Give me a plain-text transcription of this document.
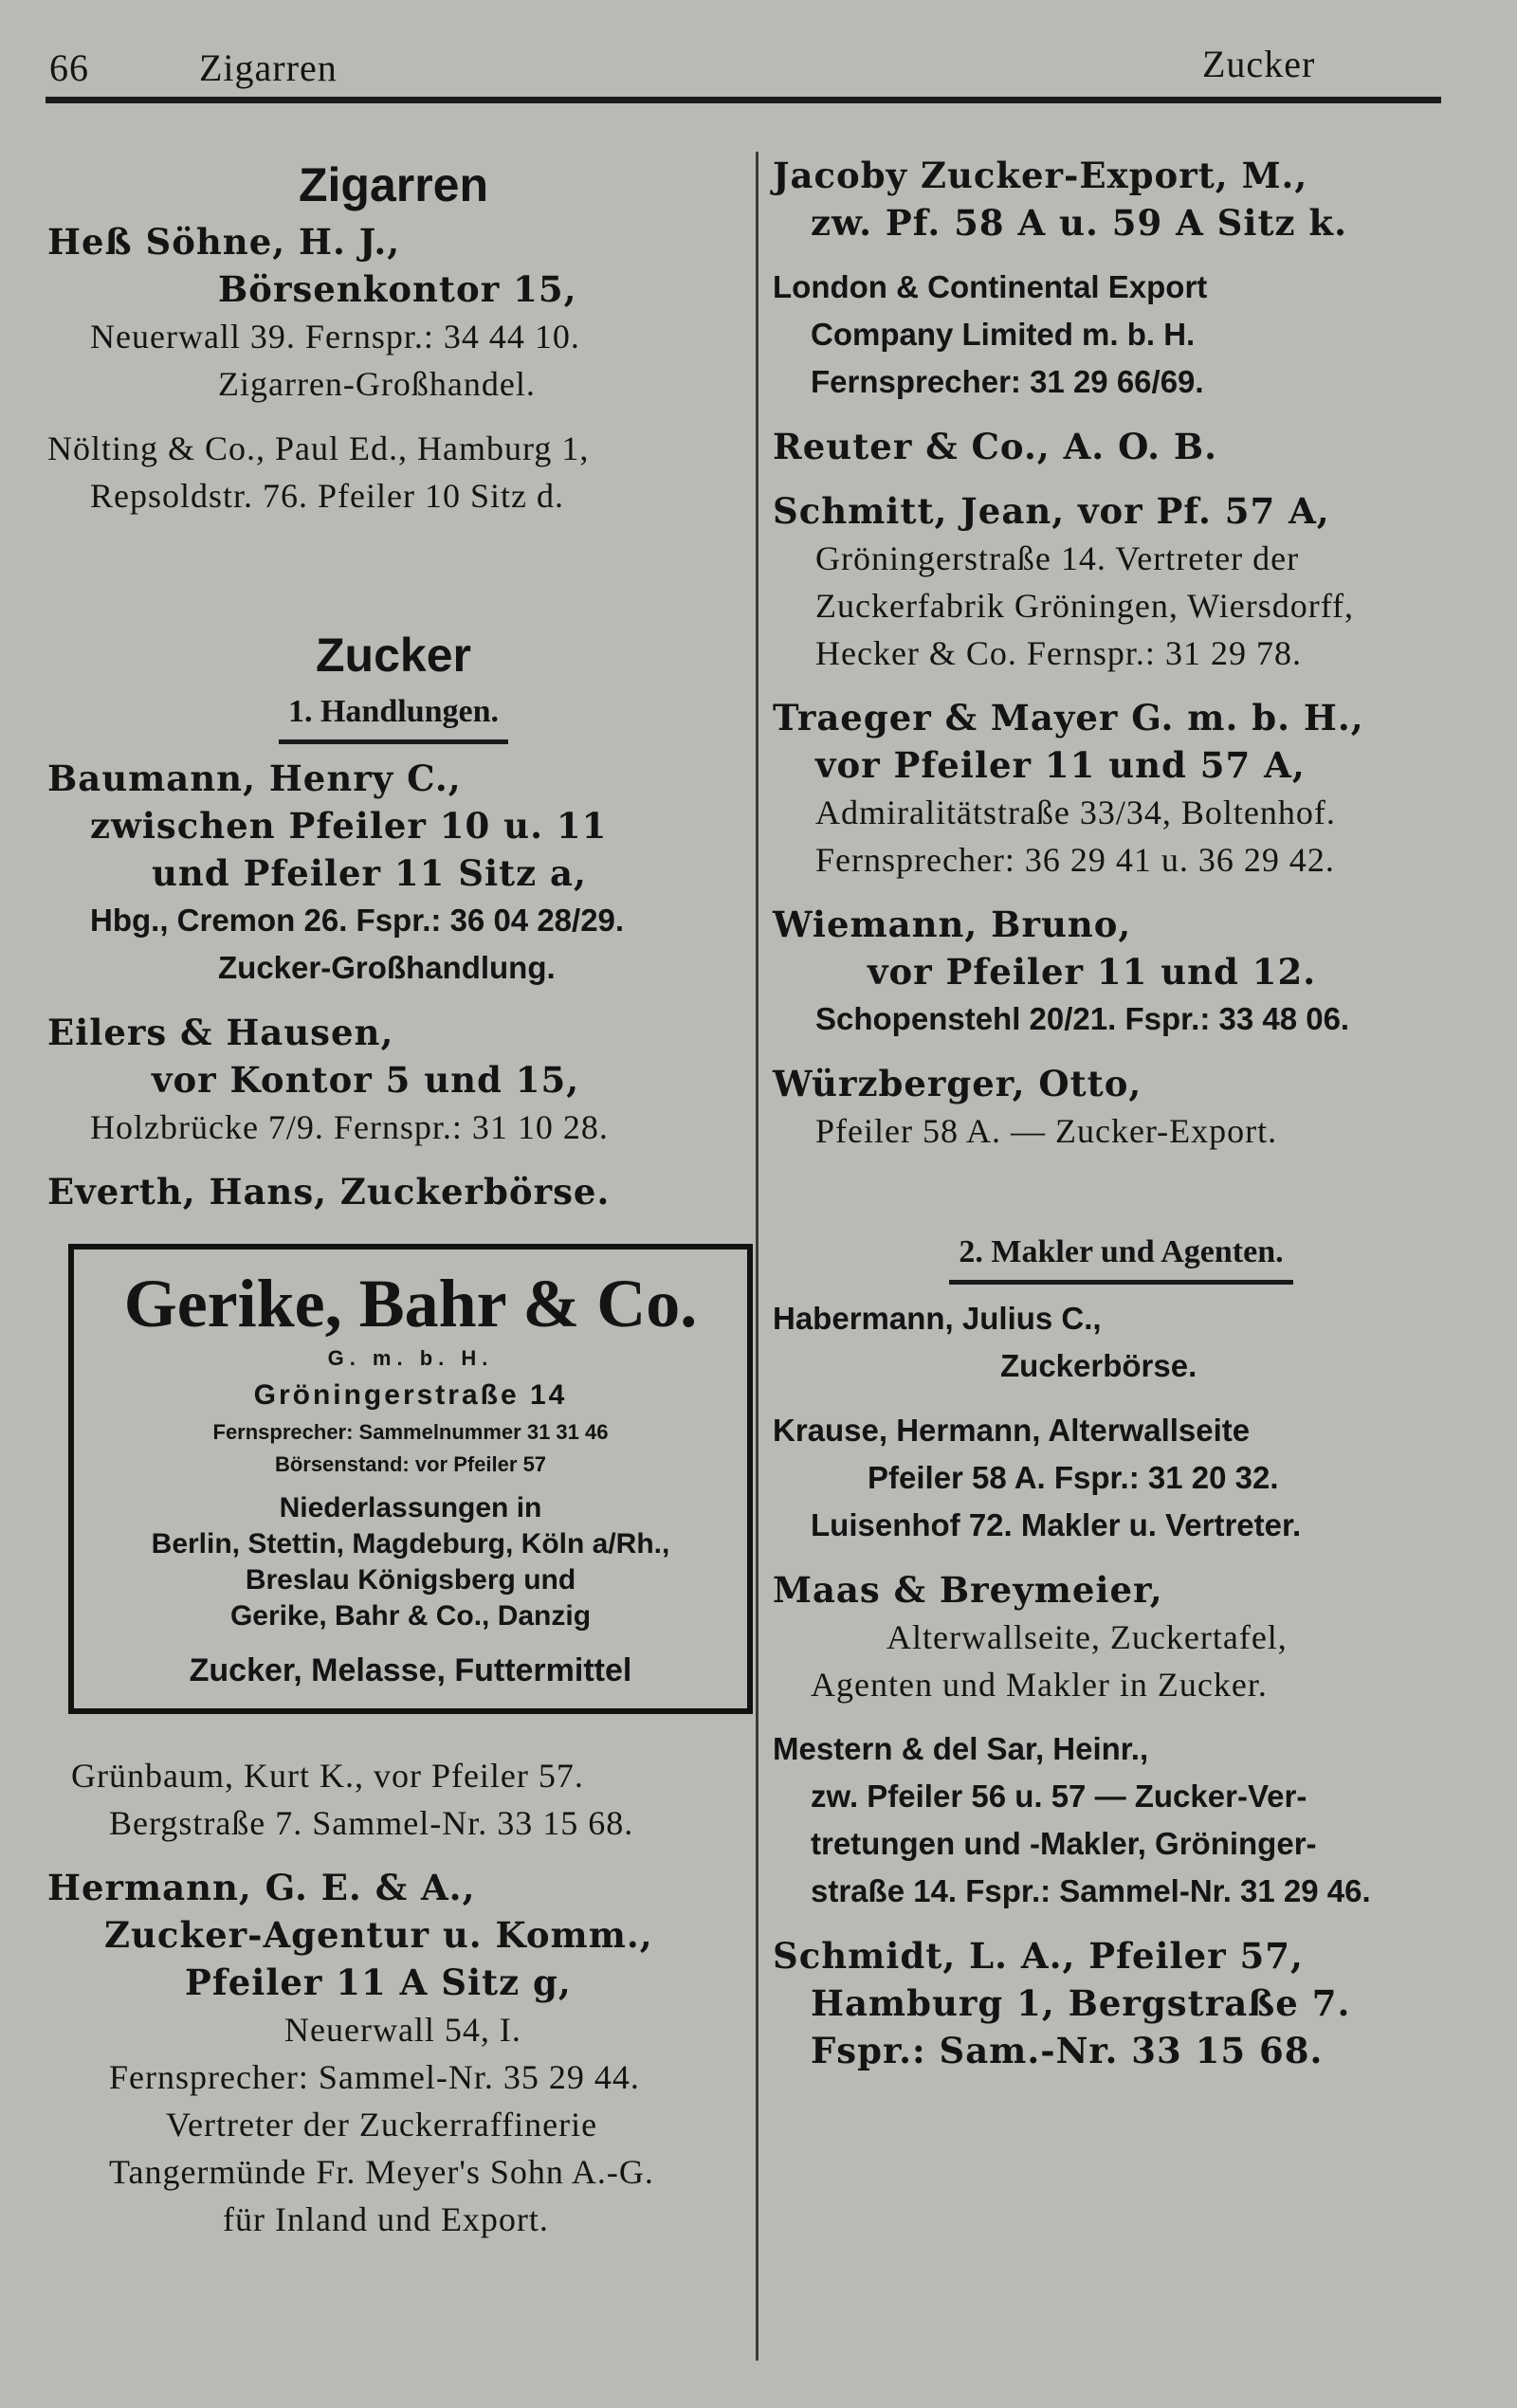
66	Zigarren	Zucker
Zigarren
Heß Söhne, H. J.,
Börsenkontor 15,
Neuerwall 39. Fernspr.: 34 44 10.
Zigarren-Großhandel.
Nölting & Co., Paul Ed., Hamburg 1,
Repsoldstr. 76. Pfeiler 10 Sitz d.
Zucker
1. Handlungen.
Baumann, Henry C.,
zwischen Pfeiler 10 u. 11
und Pfeiler 11 Sitz a,
Hbg., Cremon 26. Fspr.: 36 04 28/29.
Zucker-Großhandlung.
Eilers & Hausen,
vor Kontor 5 und 15,
Holzbrücke 7/9. Fernspr.: 31 10 28.
Everth, Hans, Zuckerbörse.
Gerike, Bahr & Co.
G. m. b. H.
Gröningerstraße 14
Fernsprecher: Sammelnummer 31 31 46
Börsenstand: vor Pfeiler 57
Niederlassungen in
Berlin, Stettin, Magdeburg, Köln a/Rh.,
Breslau Königsberg und
Gerike, Bahr & Co., Danzig
Zucker, Melasse, Futtermittel
Grünbaum, Kurt K., vor Pfeiler 57.
Bergstraße 7. Sammel-Nr. 33 15 68.
Hermann, G. E. & A.,
Zucker-Agentur u. Komm.,
Pfeiler 11 A Sitz g,
Neuerwall 54, I.
Fernsprecher: Sammel-Nr. 35 29 44.
Vertreter der Zuckerraffinerie
Tangermünde Fr. Meyer's Sohn A.-G.
für Inland und Export.
Jacoby Zucker-Export, M.,
zw. Pf. 58 A u. 59 A Sitz k.
London & Continental Export
Company Limited m. b. H.
Fernsprecher: 31 29 66/69.
Reuter & Co., A. O. B.
Schmitt, Jean, vor Pf. 57 A,
Gröningerstraße 14. Vertreter der
Zuckerfabrik Gröningen, Wiersdorff,
Hecker & Co. Fernspr.: 31 29 78.
Traeger & Mayer G. m. b. H.,
vor Pfeiler 11 und 57 A,
Admiralitätstraße 33/34, Boltenhof.
Fernsprecher: 36 29 41 u. 36 29 42.
Wiemann, Bruno,
vor Pfeiler 11 und 12.
Schopenstehl 20/21. Fspr.: 33 48 06.
Würzberger, Otto,
Pfeiler 58 A. — Zucker-Export.
2. Makler und Agenten.
Habermann, Julius C.,
Zuckerbörse.
Krause, Hermann, Alterwallseite
Pfeiler 58 A. Fspr.: 31 20 32.
Luisenhof 72. Makler u. Vertreter.
Maas & Breymeier,
Alterwallseite, Zuckertafel,
Agenten und Makler in Zucker.
Mestern & del Sar, Heinr.,
zw. Pfeiler 56 u. 57 — Zucker-Ver-
tretungen und -Makler, Gröninger-
straße 14. Fspr.: Sammel-Nr. 31 29 46.
Schmidt, L. A., Pfeiler 57,
Hamburg 1, Bergstraße 7.
Fspr.: Sam.-Nr. 33 15 68.
